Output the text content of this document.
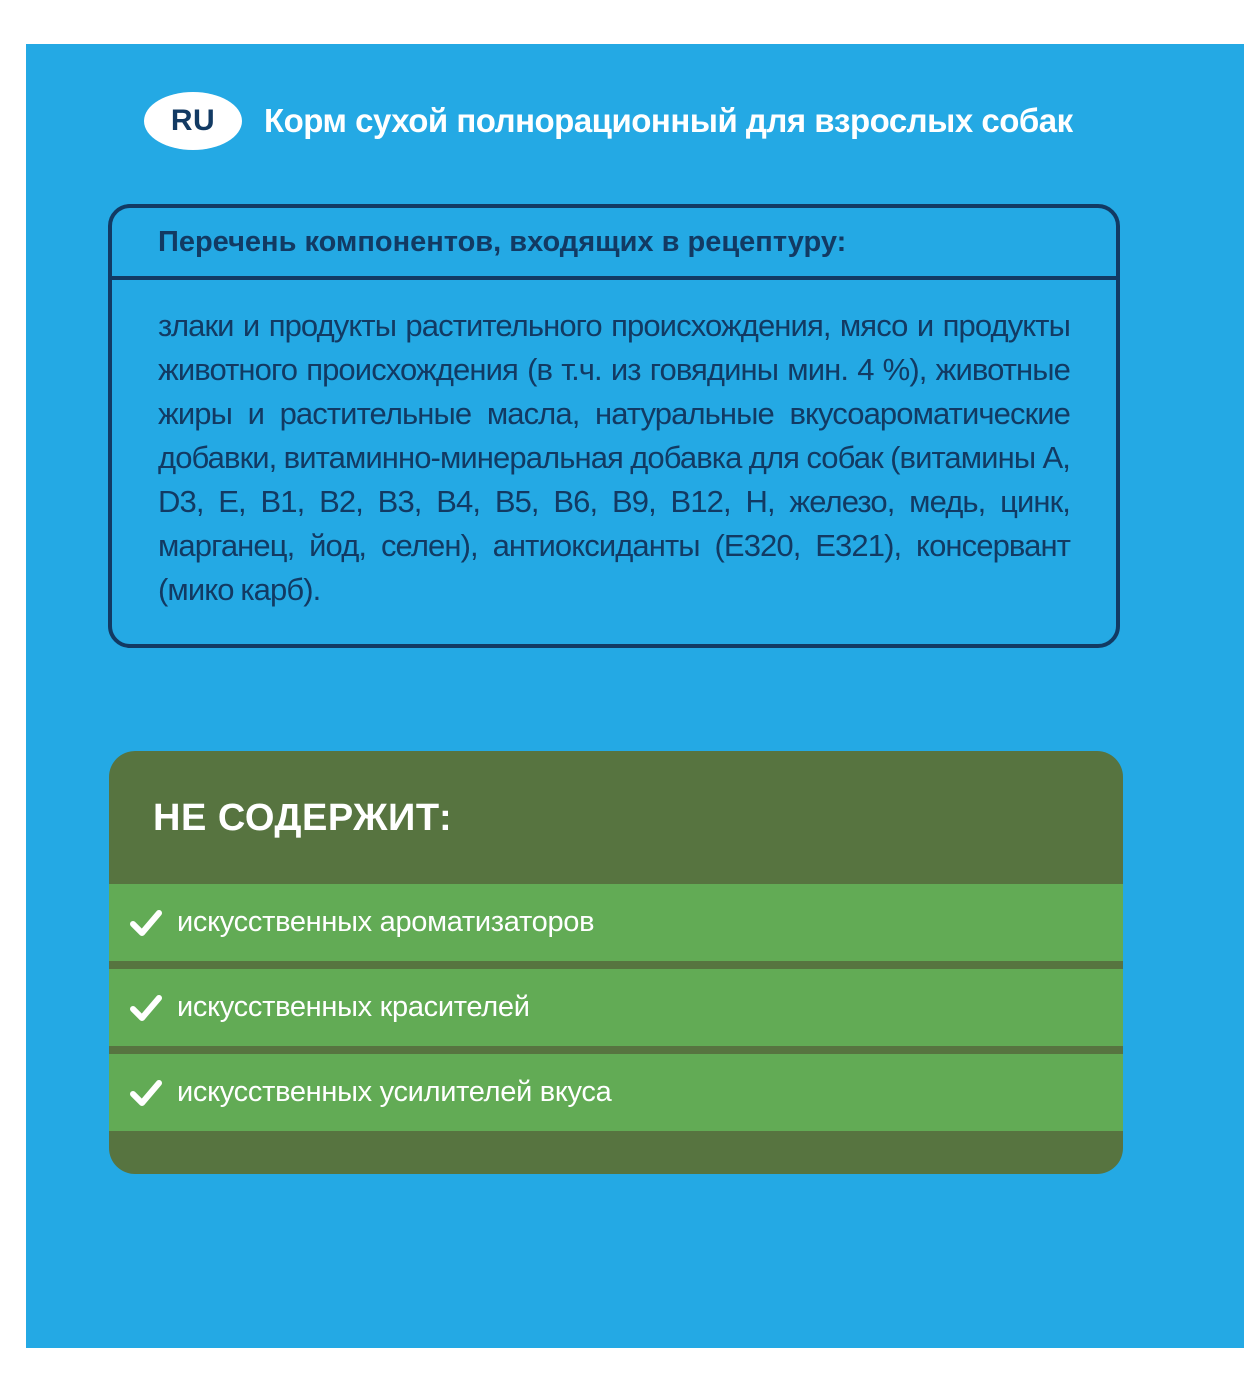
RU Корм сухой полнорационный для взрослых собак
Перечень компонентов, входящих в рецептуру:
злаки и продукты растительного происхождения, мясо и продукты животного происхождения (в т.ч. из говядины мин. 4 %), животные жиры и растительные масла, натуральные вкусоароматические добавки, витаминно-минеральная добавка для собак (витамины A, D3, E, B1, B2, B3, B4, B5, B6, B9, B12, H, железо, медь, цинк, марганец, йод, селен), антиоксиданты (E320, E321), консервант (мико карб).
НЕ СОДЕРЖИТ:
искусственных ароматизаторов
искусственных красителей
искусственных усилителей вкуса
